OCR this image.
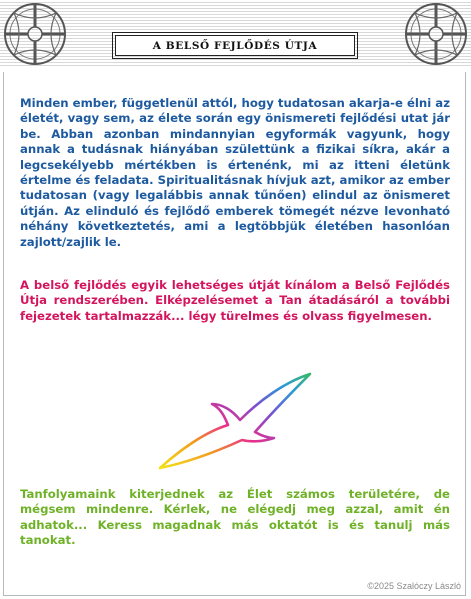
A BELSŐ FEJLŐDÉS ÚTJA

Minden ember, függetlenül attól, hogy tudatosan akarja-e élni az életét, vagy sem, az élete során egy önismereti fejlődési utat jár be. Abban azonban mindannyian egyformák vagyunk, hogy annak a tudásnak hiányában születtünk a fizikai síkra, akár a legcsekélyebb mértékben is értenénk, mi az itteni életünk értelme és feladata. Spiritualitásnak hívjuk azt, amikor az ember tudatosan (vagy legalábbis annak tűnően) elindul az önismeret útján. Az elinduló és fejlődő emberek tömegét nézve levonható néhány következtetés, ami a legtöbbjük életében hasonlóan zajlott/zajlik le.

A belső fejlődés egyik lehetséges útját kínálom a Belső Fejlődés Útja rendszerében. Elképzelésemet a Tan átadásáról a további fejezetek tartalmazzák... légy türelmes és olvass figyelmesen.

Tanfolyamaink kiterjednek az Élet számos területére, de mégsem mindenre. Kérlek, ne elégedj meg azzal, amit én adhatok... Keress magadnak más oktatót is és tanulj más tanokat.

©2025 Szalóczy László
